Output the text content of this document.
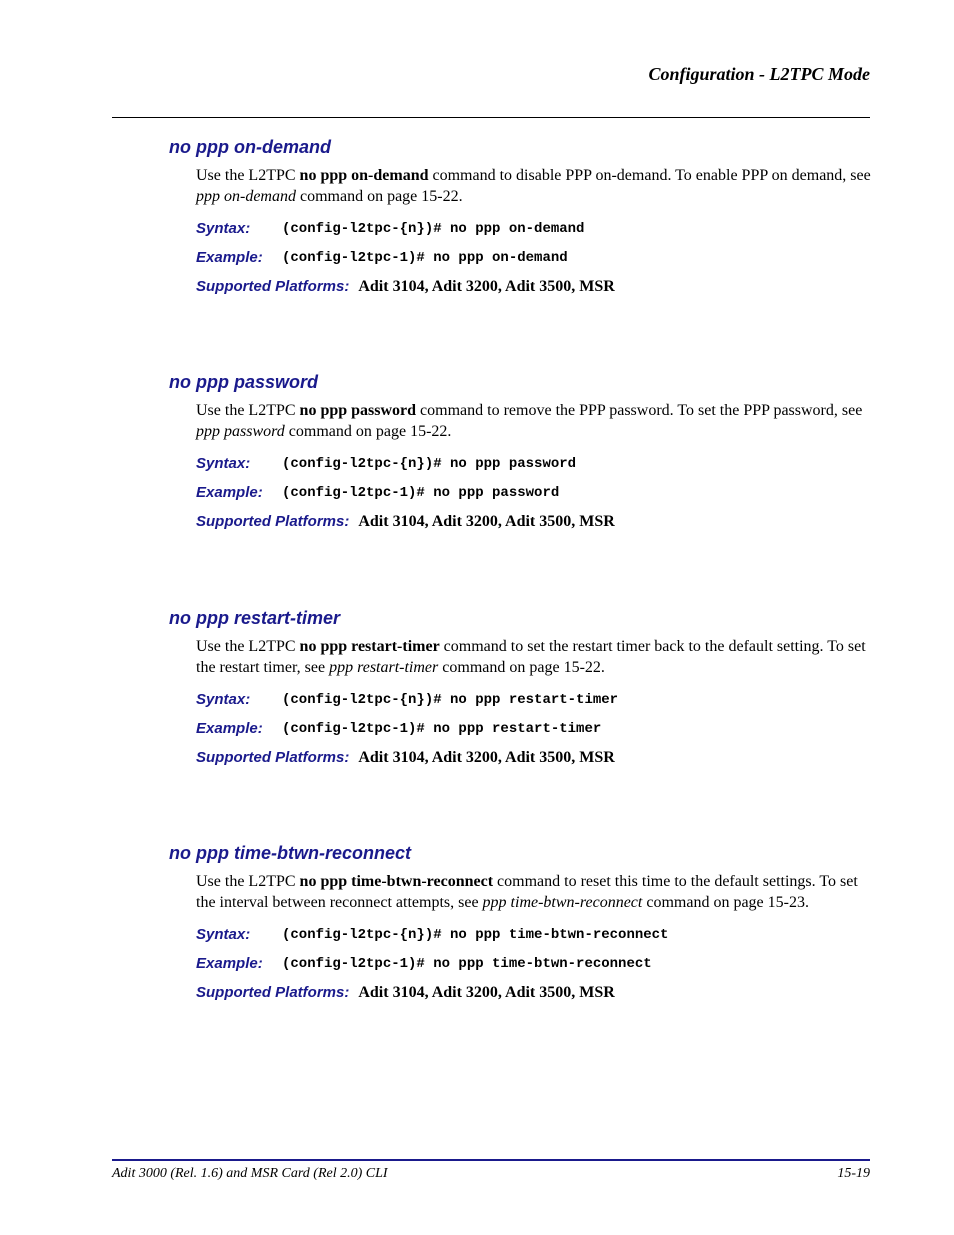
Configuration - L2TPC Mode
no ppp on-demand
Use the L2TPC no ppp on-demand command to disable PPP on-demand. To enable PPP on demand, see ppp on-demand command on page 15-22.
Syntax:	(config-l2tpc-{n})# no ppp on-demand
Example:	(config-l2tpc-1)# no ppp on-demand
Supported Platforms: Adit 3104, Adit 3200, Adit 3500, MSR
no ppp password
Use the L2TPC no ppp password command to remove the PPP password. To set the PPP password, see ppp password command on page 15-22.
Syntax:	(config-l2tpc-{n})# no ppp password
Example:	(config-l2tpc-1)# no ppp password
Supported Platforms: Adit 3104, Adit 3200, Adit 3500, MSR
no ppp restart-timer
Use the L2TPC no ppp restart-timer command to set the restart timer back to the default setting. To set the restart timer, see ppp restart-timer command on page 15-22.
Syntax:	(config-l2tpc-{n})# no ppp restart-timer
Example:	(config-l2tpc-1)# no ppp restart-timer
Supported Platforms: Adit 3104, Adit 3200, Adit 3500, MSR
no ppp time-btwn-reconnect
Use the L2TPC no ppp time-btwn-reconnect command to reset this time to the default settings. To set the interval between reconnect attempts, see ppp time-btwn-reconnect command on page 15-23.
Syntax:	(config-l2tpc-{n})# no ppp time-btwn-reconnect
Example:	(config-l2tpc-1)# no ppp time-btwn-reconnect
Supported Platforms: Adit 3104, Adit 3200, Adit 3500, MSR
Adit 3000 (Rel. 1.6) and MSR Card (Rel 2.0) CLI	15-19
